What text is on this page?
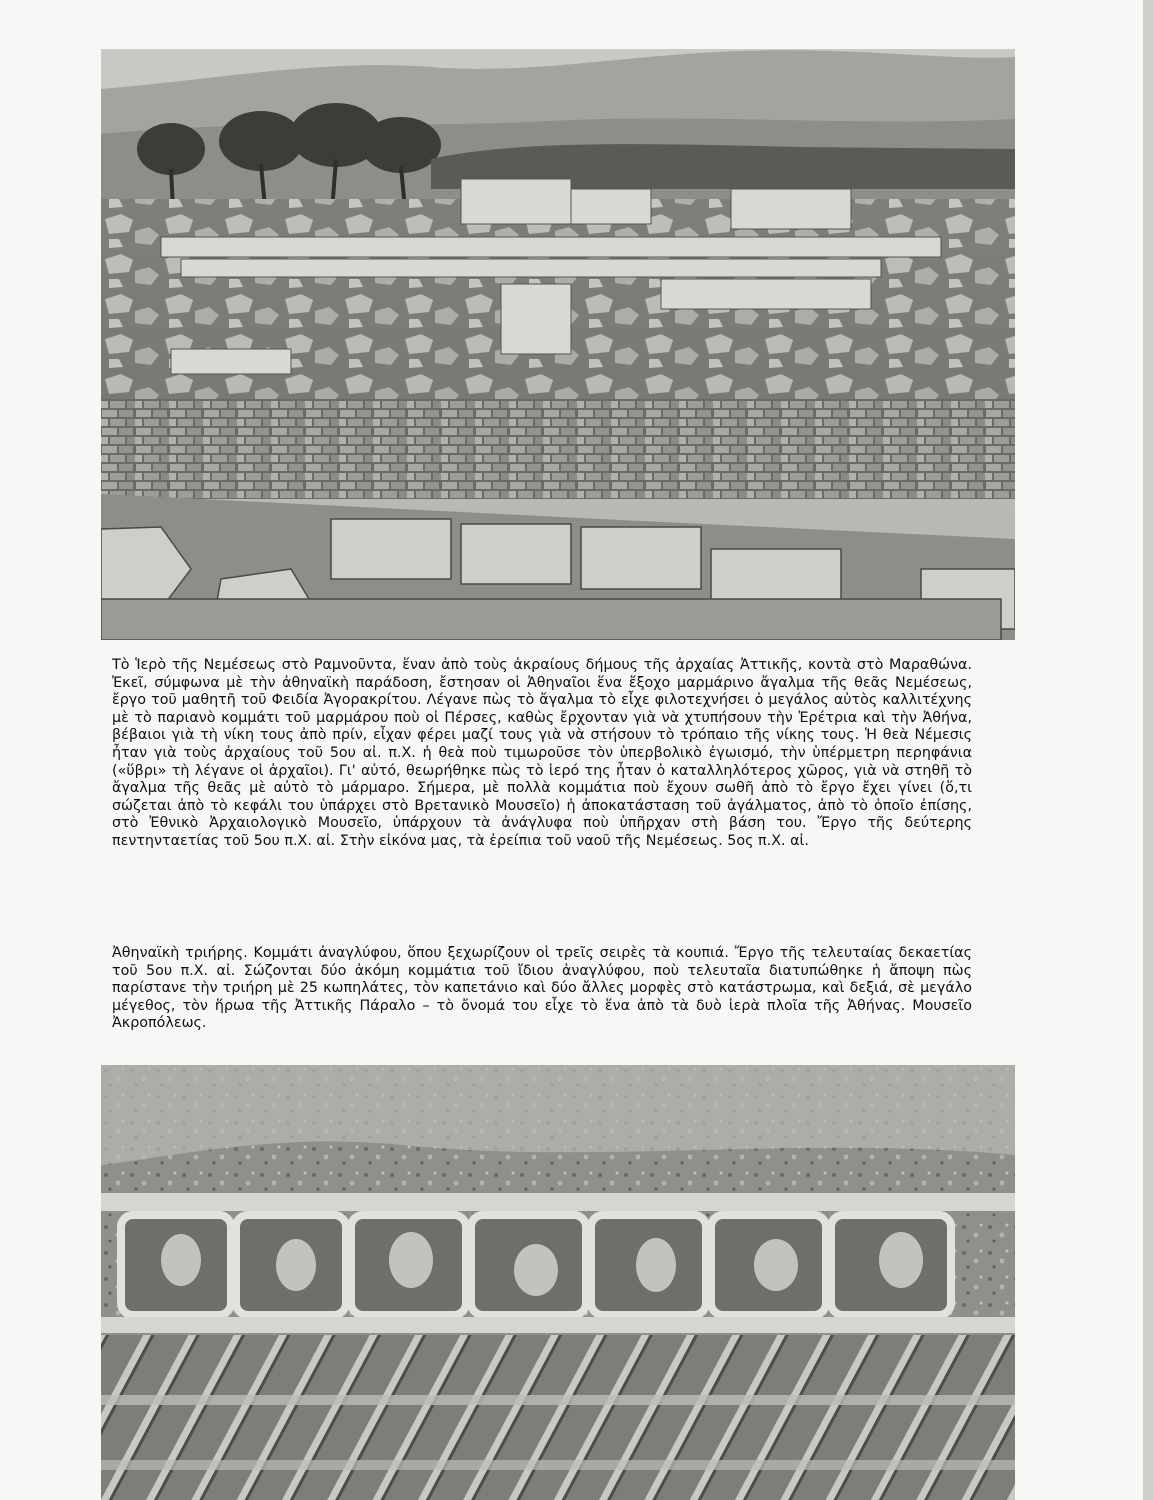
Τὸ Ἱερὸ τῆς Νεμέσεως στὸ Ραμνοῦντα, ἕναν ἀπὸ τοὺς ἀκραίους δήμους τῆς ἀρχαίας Ἀττικῆς, κοντὰ στὸ Μαραθώνα. Ἐκεῖ, σύμφωνα μὲ τὴν ἀθηναϊκὴ παράδοση, ἔστησαν οἱ Ἀθηναῖοι ἕνα ἔξοχο μαρμάρινο ἄγαλμα τῆς θεᾶς Νεμέσεως, ἔργο τοῦ μαθητῆ τοῦ Φειδία Ἀγορακρίτου. Λέγανε πὼς τὸ ἄγαλμα τὸ εἶχε φιλοτεχνήσει ὁ μεγάλος αὐτὸς καλλιτέχνης μὲ τὸ παριανὸ κομμάτι τοῦ μαρμάρου ποὺ οἱ Πέρσες, καθὼς ἔρχονταν γιὰ νὰ χτυπήσουν τὴν Ἐρέτρια καὶ τὴν Ἀθήνα, βέβαιοι γιὰ τὴ νίκη τους ἀπὸ πρίν, εἶχαν φέρει μαζί τους γιὰ νὰ στήσουν τὸ τρόπαιο τῆς νίκης τους. Ἡ θεὰ Νέμεσις ἦταν γιὰ τοὺς ἀρχαίους τοῦ 5ου αἰ. π.Χ. ἡ θεὰ ποὺ τιμωροῦσε τὸν ὑπερβολικὸ ἐγωισμό, τὴν ὑπέρμετρη περηφάνια («ὕβρι» τὴ λέγανε οἱ ἀρχαῖοι). Γι' αὐτό, θεωρήθηκε πὼς τὸ ἱερό της ἦταν ὁ καταλληλότερος χῶρος, γιὰ νὰ στηθῆ τὸ ἄγαλμα τῆς θεᾶς μὲ αὐτὸ τὸ μάρμαρο. Σήμερα, μὲ πολλὰ κομμάτια ποὺ ἔχουν σωθῆ ἀπὸ τὸ ἔργο ἔχει γίνει (ὅ,τι σώζεται ἀπὸ τὸ κεφάλι του ὑπάρχει στὸ Βρετανικὸ Μουσεῖο) ἡ ἀποκατάσταση τοῦ ἀγάλματος, ἀπὸ τὸ ὁποῖο ἐπίσης, στὸ Ἐθνικὸ Ἀρχαιολογικὸ Μουσεῖο, ὑπάρχουν τὰ ἀνάγλυφα ποὺ ὑπῆρχαν στὴ βάση του. Ἔργο τῆς δεύτερης πεντηνταετίας τοῦ 5ου π.Χ. αἰ. Στὴν εἰκόνα μας, τὰ ἐρείπια τοῦ ναοῦ τῆς Νεμέσεως. 5ος π.Χ. αἰ.

Ἀθηναϊκὴ τριήρης. Κομμάτι ἀναγλύφου, ὅπου ξεχωρίζουν οἱ τρεῖς σειρὲς τὰ κουπιά. Ἔργο τῆς τελευταίας δεκαετίας τοῦ 5ου π.Χ. αἰ. Σώζονται δύο ἀκόμη κομμάτια τοῦ ἴδιου ἀναγλύφου, ποὺ τελευταῖα διατυπώθηκε ἡ ἄποψη πὼς παρίστανε τὴν τριήρη μὲ 25 κωπηλάτες, τὸν καπετάνιο καὶ δύο ἄλλες μορφὲς στὸ κατάστρωμα, καὶ δεξιά, σὲ μεγάλο μέγεθος, τὸν ἥρωα τῆς Ἀττικῆς Πάραλο – τὸ ὄνομά του εἶχε τὸ ἕνα ἀπὸ τὰ δυὸ ἱερὰ πλοῖα τῆς Ἀθήνας. Μουσεῖο Ἀκροπόλεως.
